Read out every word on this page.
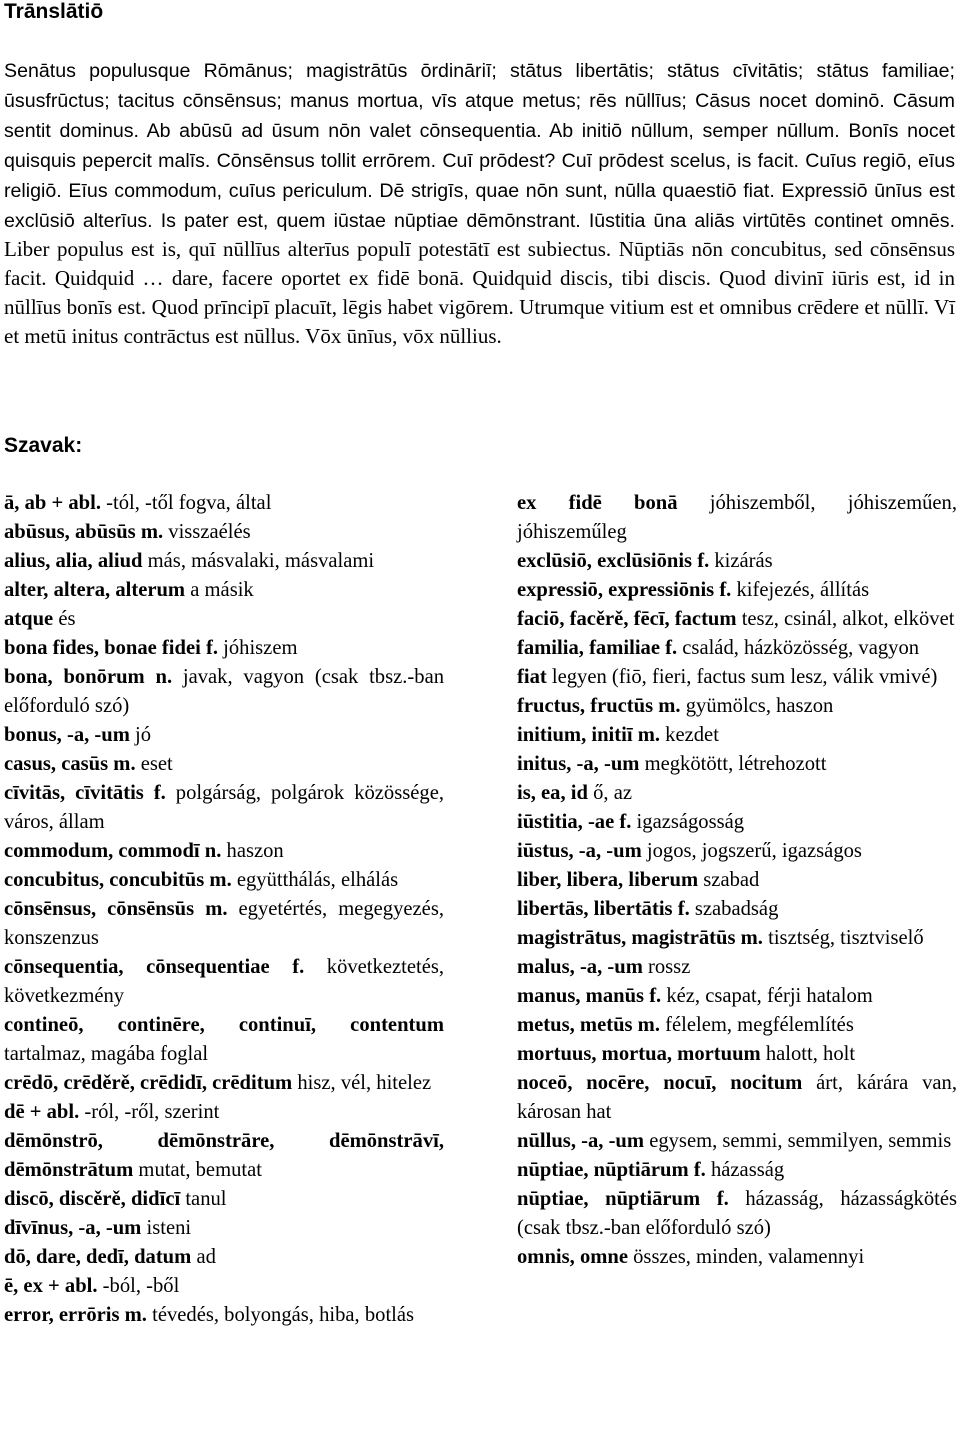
Trānslātiō
Senātus populusque Rōmānus; magistrātūs ōrdināriī; stātus libertātis; stātus cīvitātis; stātus familiae; ūsusfrūctus; tacitus cōnsēnsus; manus mortua, vīs atque metus; rēs nūllīus; Cāsus nocet dominō. Cāsum sentit dominus. Ab abūsū ad ūsum nōn valet cōnsequentia. Ab initiō nūllum, semper nūllum. Bonīs nocet quisquis pepercit malīs. Cōnsēnsus tollit errōrem. Cuī prōdest? Cuī prōdest scelus, is facit. Cuīus regiō, eīus religiō. Eīus commodum, cuīus periculum. Dē strigīs, quae nōn sunt, nūlla quaestiō fiat. Expressiō ūnīus est exclūsiō alterīus. Is pater est, quem iūstae nūptiae dēmōnstrant. Iūstitia ūna aliās virtūtēs continet omnēs. Liber populus est is, quī nūllīus alterīus populī potestātī est subiectus. Nūptiās nōn concubitus, sed cōnsēnsus facit. Quidquid … dare, facere oportet ex fidē bonā. Quidquid discis, tibi discis. Quod divinī iūris est, id in nūllīus bonīs est. Quod prīncipī placuīt, lēgis habet vigōrem. Utrumque vitium est et omnibus crēdere et nūllī. Vī et metū initus contrāctus est nūllus. Vōx ūnīus, vōx nūllius.
Szavak:

ā, ab + abl. -tól, -től fogva, által

abūsus, abūsūs m. visszaélés

alius, alia, aliud más, másvalaki, másvalami

alter, altera, alterum a másik

atque és

bona fides, bonae fidei f. jóhiszem

bona, bonōrum n. javak, vagyon (csak tbsz.-ban előforduló szó)

bonus, -a, -um jó

casus, casūs m. eset

cīvitās, cīvitātis f. polgárság, polgárok közössége, város, állam

commodum, commodī n. haszon

concubitus, concubitūs m. együtthálás, elhálás

cōnsēnsus, cōnsēnsūs m. egyetértés, megegyezés, konszenzus

cōnsequentia, cōnsequentiae f. következtetés, következmény

contineō, continēre, continuī, contentum tartalmaz, magába foglal

crēdō, crēděrě, crēdidī, crēditum hisz, vél, hitelez

dē + abl. -ról, -ről, szerint

dēmōnstrō, dēmōnstrāre, dēmōnstrāvī, dēmōnstrātum mutat, bemutat

discō, discěrě, didīcī tanul

dīvīnus, -a, -um isteni

dō, dare, dedī, datum ad

ē, ex + abl. -ból, -ből

error, errōris m. tévedés, bolyongás, hiba, botlás

ex fidē bonā jóhiszemből, jóhiszeműen, jóhiszeműleg

exclūsiō, exclūsiōnis f. kizárás

expressiō, expressiōnis f. kifejezés, állítás

faciō, facěrě, fēcī, factum tesz, csinál, alkot, elkövet

familia, familiae f. család, házközösség, vagyon

fiat legyen (fiō, fieri, factus sum lesz, válik vmivé)

fructus, fructūs m. gyümölcs, haszon

initium, initiī m. kezdet

initus, -a, -um megkötött, létrehozott

is, ea, id ő, az

iūstitia, -ae f. igazságosság

iūstus, -a, -um jogos, jogszerű, igazságos

liber, libera, liberum szabad

libertās, libertātis f. szabadság

magistrātus, magistrātūs m. tisztség, tisztviselő

malus, -a, -um rossz

manus, manūs f. kéz, csapat, férji hatalom

metus, metūs m. félelem, megfélemlítés

mortuus, mortua, mortuum halott, holt

noceō, nocēre, nocuī, nocitum árt, kárára van, károsan hat

nūllus, -a, -um egysem, semmi, semmilyen, semmis

nūptiae, nūptiārum f. házasság

nūptiae, nūptiārum f. házasság, házasságkötés (csak tbsz.-ban előforduló szó)

omnis, omne összes, minden, valamennyi
